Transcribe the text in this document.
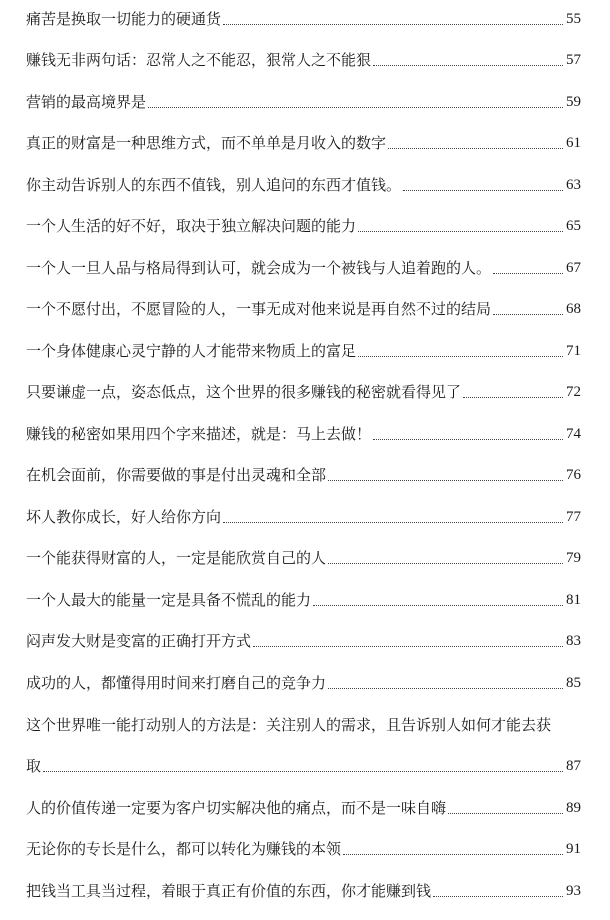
痛苦是换取一切能力的硬通货	55
赚钱无非两句话：忍常人之不能忍，狠常人之不能狠	57
营销的最高境界是	59
真正的财富是一种思维方式，而不单单是月收入的数字	61
你主动告诉别人的东西不值钱，别人追问的东西才值钱。	63
一个人生活的好不好，取决于独立解决问题的能力	65
一个人一旦人品与格局得到认可，就会成为一个被钱与人追着跑的人。	67
一个不愿付出，不愿冒险的人，一事无成对他来说是再自然不过的结局	68
一个身体健康心灵宁静的人才能带来物质上的富足	71
只要谦虚一点，姿态低点，这个世界的很多赚钱的秘密就看得见了	72
赚钱的秘密如果用四个字来描述，就是：马上去做！	74
在机会面前，你需要做的事是付出灵魂和全部	76
坏人教你成长，好人给你方向	77
一个能获得财富的人，一定是能欣赏自己的人	79
一个人最大的能量一定是具备不慌乱的能力	81
闷声发大财是变富的正确打开方式	83
成功的人，都懂得用时间来打磨自己的竞争力	85
这个世界唯一能打动别人的方法是：关注别人的需求，且告诉别人如何才能去获
取	87
人的价值传递一定要为客户切实解决他的痛点，而不是一味自嗨	89
无论你的专长是什么，都可以转化为赚钱的本领	91
把钱当工具当过程，着眼于真正有价值的东西，你才能赚到钱	93
